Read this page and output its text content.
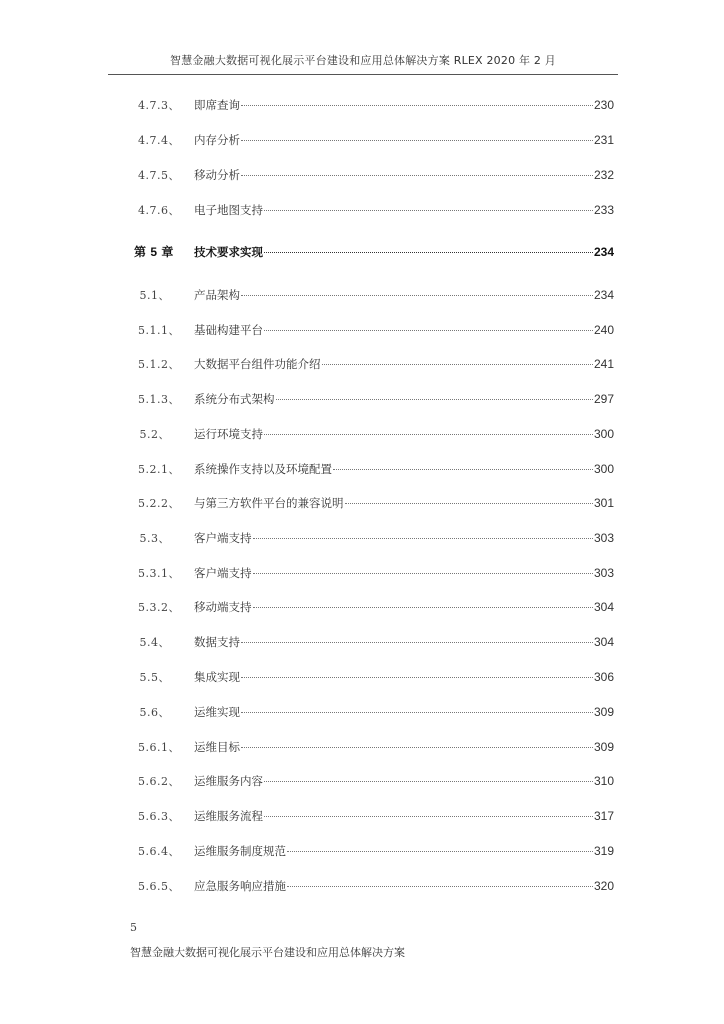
智慧金融大数据可视化展示平台建设和应用总体解决方案 RLEX 2020 年 2 月
4.7.3、	即席查询	230
4.7.4、	内存分析	231
4.7.5、	移动分析	232
4.7.6、	电子地图支持	233
第 5 章	技术要求实现	234
5.1、	产品架构	234
5.1.1、	基础构建平台	240
5.1.2、	大数据平台组件功能介绍	241
5.1.3、	系统分布式架构	297
5.2、	运行环境支持	300
5.2.1、	系统操作支持以及环境配置	300
5.2.2、	与第三方软件平台的兼容说明	301
5.3、	客户端支持	303
5.3.1、	客户端支持	303
5.3.2、	移动端支持	304
5.4、	数据支持	304
5.5、	集成实现	306
5.6、	运维实现	309
5.6.1、	运维目标	309
5.6.2、	运维服务内容	310
5.6.3、	运维服务流程	317
5.6.4、	运维服务制度规范	319
5.6.5、	应急服务响应措施	320
5
智慧金融大数据可视化展示平台建设和应用总体解决方案
